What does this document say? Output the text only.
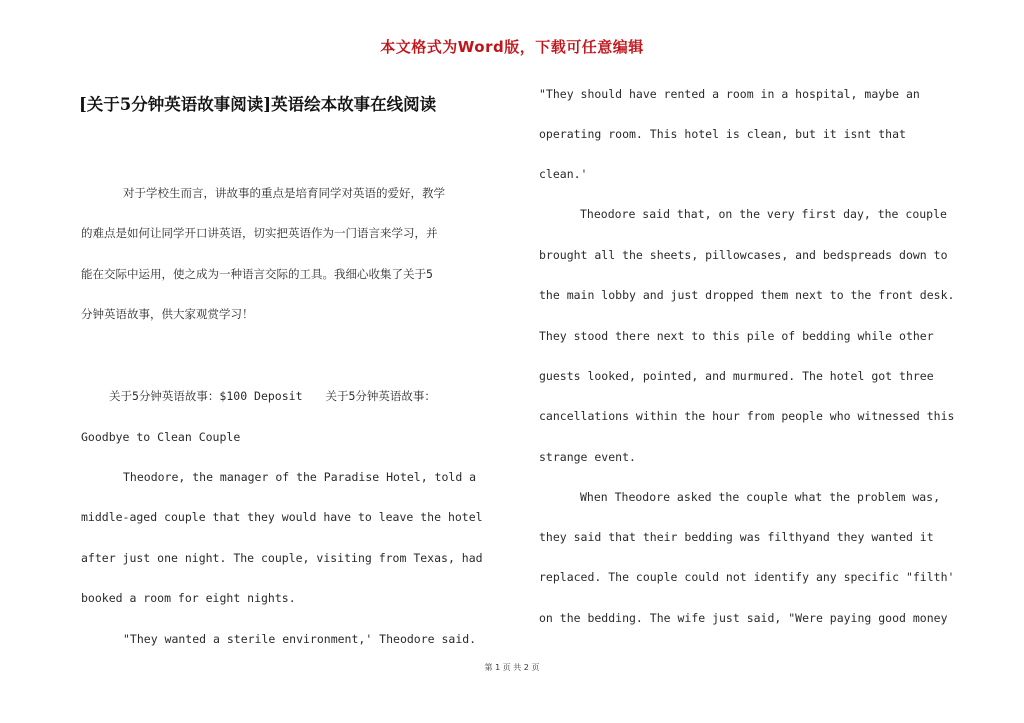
本文格式为Word版，下载可任意编辑
[关于5分钟英语故事阅读]英语绘本故事在线阅读
对于学校生而言，讲故事的重点是培育同学对英语的爱好，教学
的难点是如何让同学开口讲英语，切实把英语作为一门语言来学习，并
能在交际中运用，使之成为一种语言交际的工具。我细心收集了关于5
分钟英语故事，供大家观赏学习！
关于5分钟英语故事：$100 Deposit　　关于5分钟英语故事：
Goodbye to Clean Couple
Theodore, the manager of the Paradise Hotel, told a
middle-aged couple that they would have to leave the hotel
after just one night. The couple, visiting from Texas, had
booked a room for eight nights.
"They wanted a sterile environment,' Theodore said.
"They should have rented a room in a hospital, maybe an
operating room. This hotel is clean, but it isnt that
clean.'
Theodore said that, on the very first day, the couple
brought all the sheets, pillowcases, and bedspreads down to
the main lobby and just dropped them next to the front desk.
They stood there next to this pile of bedding while other
guests looked, pointed, and murmured. The hotel got three
cancellations within the hour from people who witnessed this
strange event.
When Theodore asked the couple what the problem was,
they said that their bedding was filthyand they wanted it
replaced. The couple could not identify any specific "filth'
on the bedding. The wife just said, "Were paying good money
第 1 页 共 2 页
